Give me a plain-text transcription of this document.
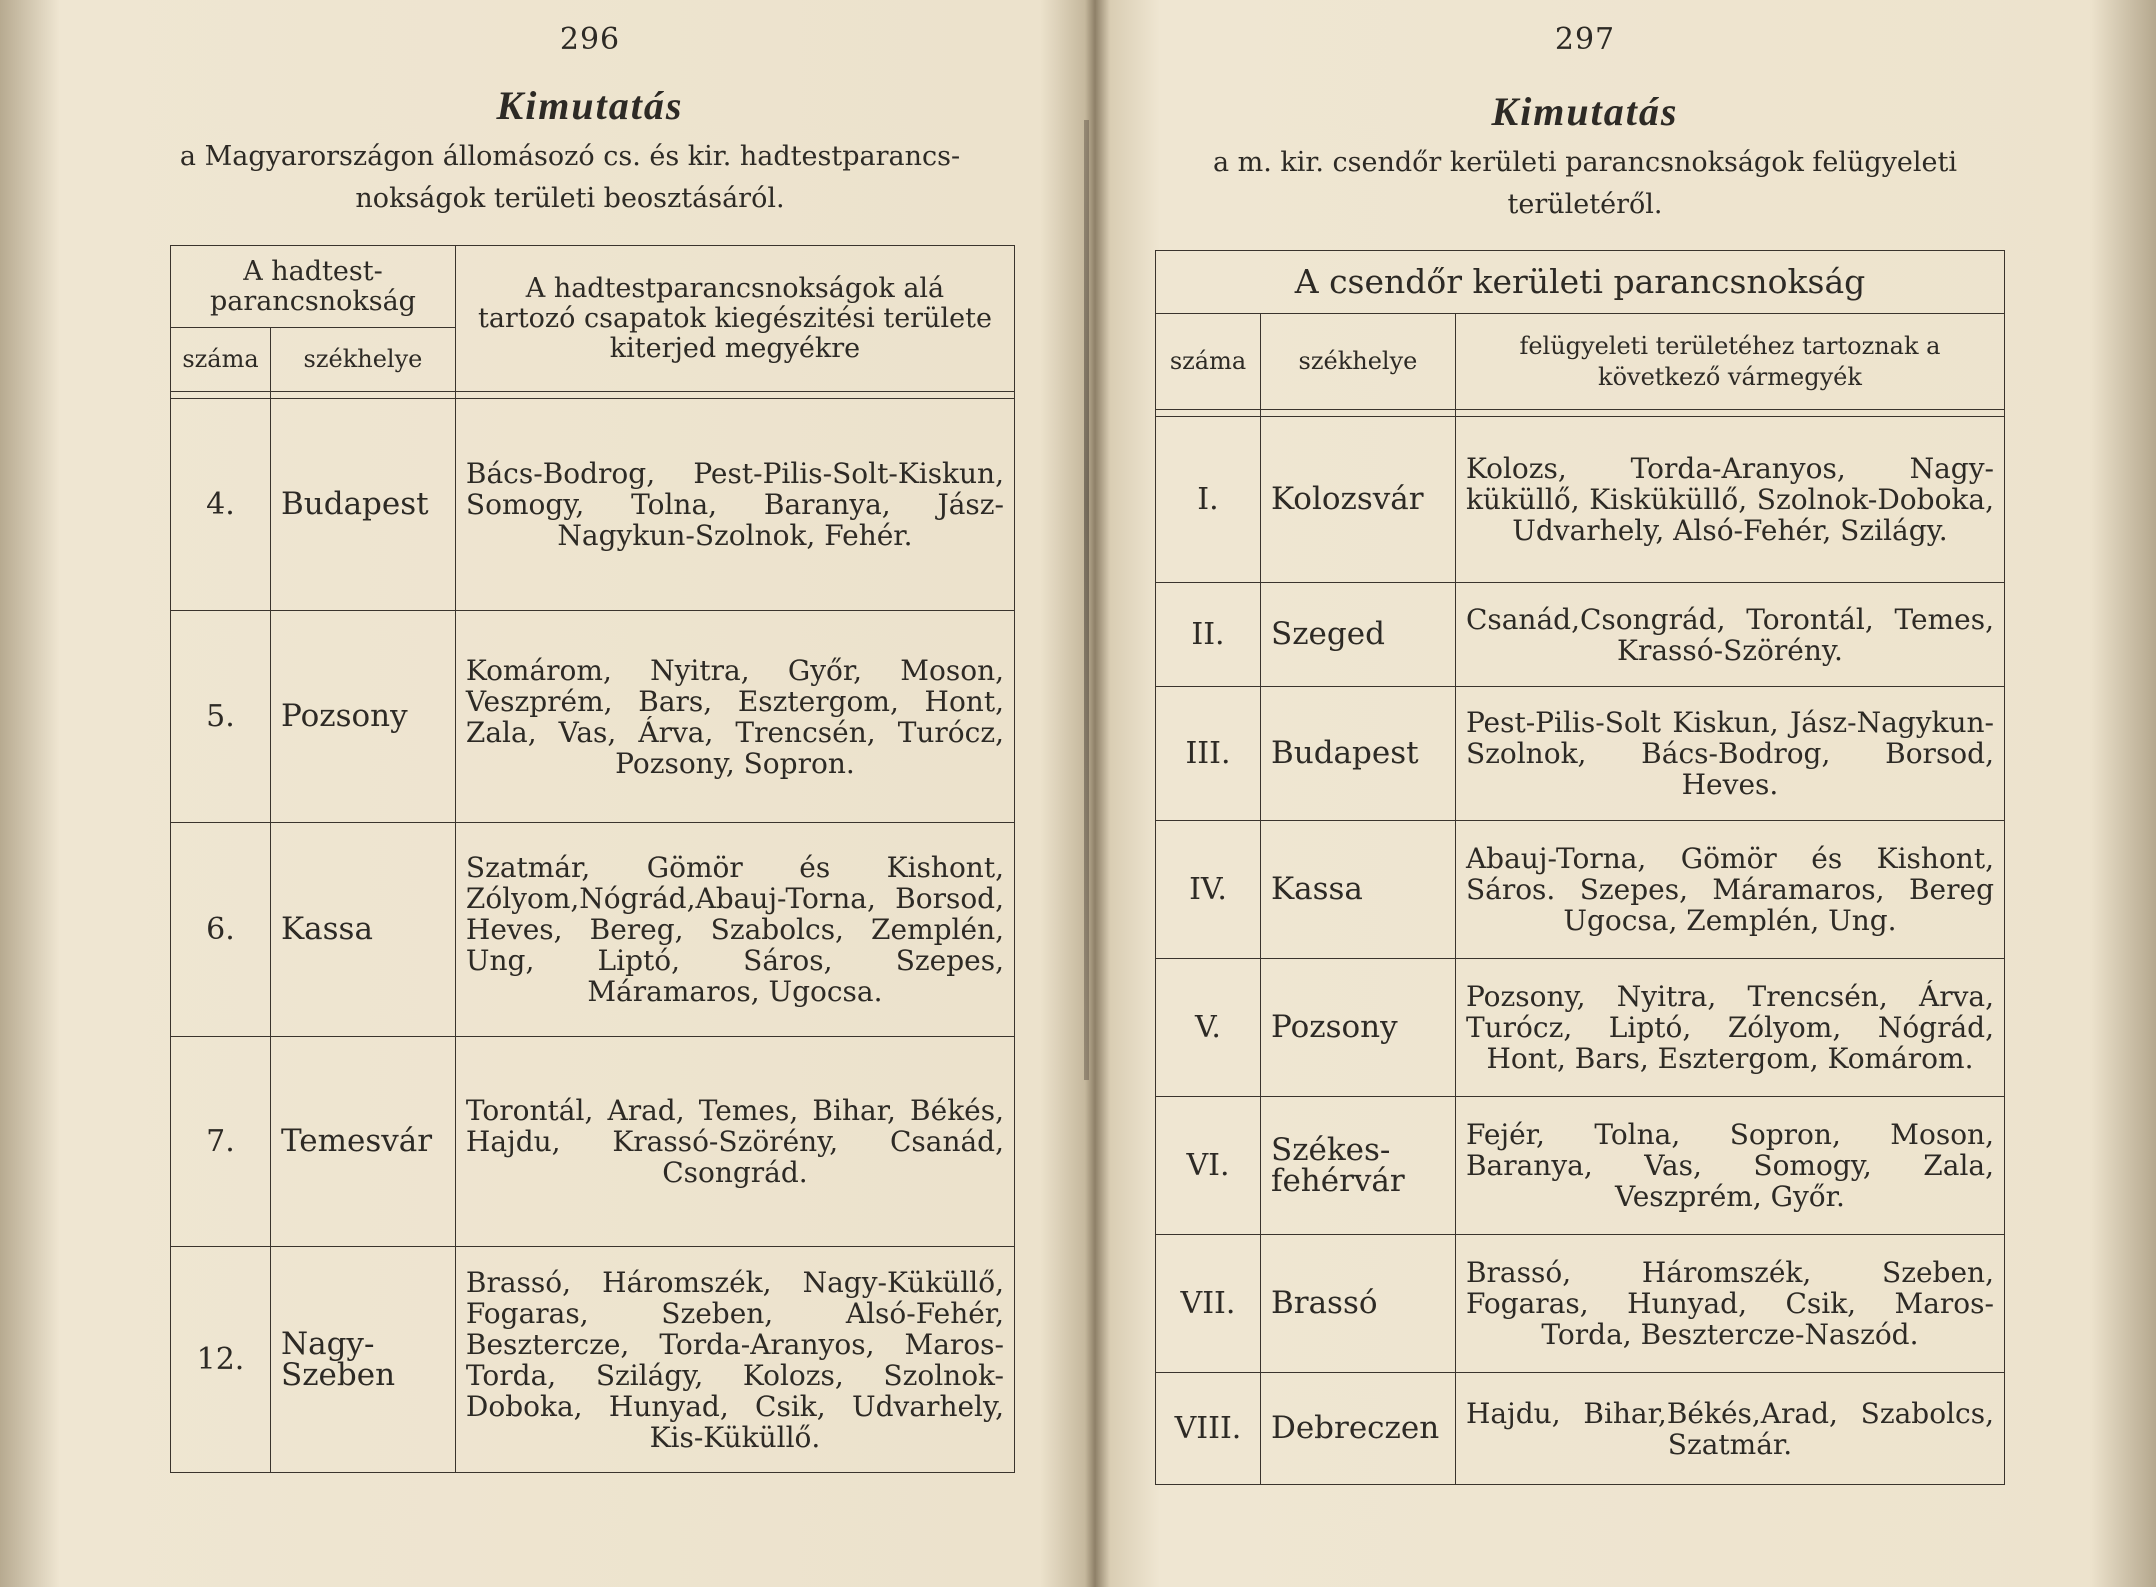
296
Kimutatás
a Magyarországon állomásozó cs. és kir. hadtestparancs-
nokságok területi beosztásáról.
A hadtest-parancsnokság		A hadtestparancsnokságok alá tartozó csapatok kiegészitési területe kiterjed megyékre
száma	székhelye	

4.	Budapest	Bács-Bodrog, Pest-Pilis-Solt-Kiskun, Somogy, Tolna, Baranya, Jász-Nagykun-Szolnok, Fehér.
5.	Pozsony	Komárom, Nyitra, Győr, Moson, Veszprém, Bars, Esztergom, Hont, Zala, Vas, Árva, Trencsén, Turócz, Pozsony, Sopron.
6.	Kassa	Szatmár, Gömör és Kishont, Zólyom,Nógrád,Abauj-Torna, Borsod, Heves, Bereg, Szabolcs, Zemplén, Ung, Liptó, Sáros, Szepes, Máramaros, Ugocsa.
7.	Temesvár	Torontál, Arad, Temes, Bihar, Békés, Hajdu, Krassó-Szörény, Csanád, Csongrád.
12.	Nagy-Szeben	Brassó, Háromszék, Nagy-Küküllő, Fogaras, Szeben, Alsó-Fehér, Beszterczе, Torda-Aranyos, Maros-Torda, Szilágy, Kolozs, Szolnok-Doboka, Hunyad, Csik, Udvarhely, Kis-Küküllő.
297
Kimutatás
a m. kir. csendőr kerületi parancsnokságok felügyeleti
területéről.
A csendőr kerületi parancsnokság		
száma	székhelye	felügyeleti területéhez tartoznak a következő vármegyék

I.	Kolozsvár	Kolozs, Torda-Aranyos, Nagy-küküllő, Kisküküllő, Szolnok-Doboka, Udvarhely, Alsó-Fehér, Szilágy.
II.	Szeged	Csanád,Csongrád, Torontál, Temes, Krassó-Szörény.
III.	Budapest	Pest-Pilis-Solt Kiskun, Jász-Nagykun-Szolnok, Bács-Bodrog, Borsod, Heves.
IV.	Kassa	Abauj-Torna, Gömör és Kishont, Sáros. Szepes, Máramaros, Bereg Ugocsa, Zemplén, Ung.
V.	Pozsony	Pozsony, Nyitra, Trencsén, Árva, Turócz, Liptó, Zólyom, Nógrád, Hont, Bars, Esztergom, Komárom.
VI.	Székes-fehérvár	Fejér, Tolna, Sopron, Moson, Baranya, Vas, Somogy, Zala, Veszprém, Győr.
VII.	Brassó	Brassó, Háromszék, Szeben, Fogaras, Hunyad, Csik, Maros-Torda, Beszterczе-Naszód.
VIII.	Debreczen	Hajdu, Bihar,Békés,Arad, Szabolcs, Szatmár.
